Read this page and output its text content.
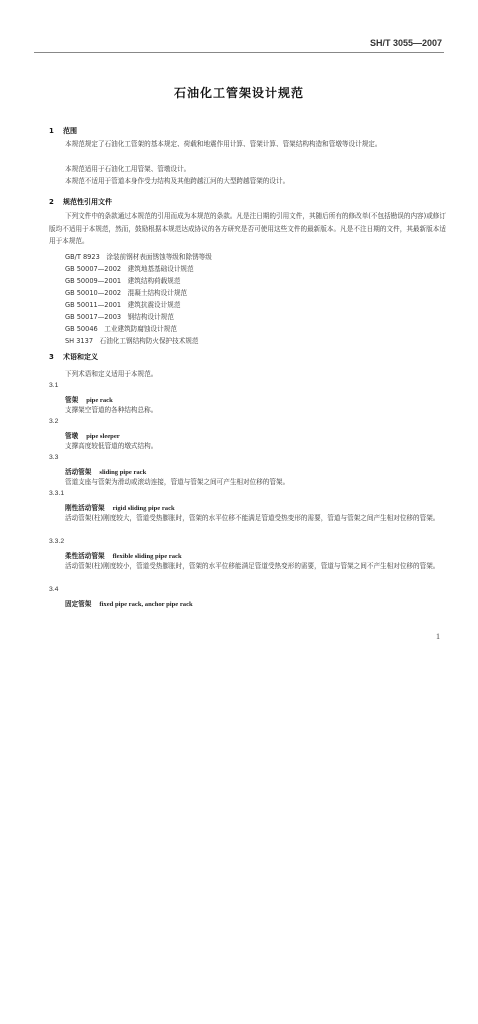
SH/T 3055—2007
石油化工管架设计规范
1 范围
本规范规定了石油化工管架的基本规定、荷载和地震作用计算、管架计算、管架结构构造和管墩等设计规定。
本规范适用于石油化工用管架、管墩设计。
本规范不适用于管道本身作受力结构及其他跨越江河的大型跨越管架的设计。
2 规范性引用文件
下列文件中的条款通过本规范的引用而成为本规范的条款。凡是注日期的引用文件，其随后所有的修改单(不包括勘误的内容)或修订版均不适用于本规范，然而，鼓励根据本规范达成协议的各方研究是否可使用这些文件的最新版本。凡是不注日期的文件，其最新版本适用于本规范。
GB/T 8923　涂装前钢材表面锈蚀等级和除锈等级
GB 50007—2002　建筑地基基础设计规范
GB 50009—2001　建筑结构荷载规范
GB 50010—2002　混凝土结构设计规范
GB 50011—2001　建筑抗震设计规范
GB 50017—2003　钢结构设计规范
GB 50046　工业建筑防腐蚀设计规范
SH 3137　石油化工钢结构防火保护技术规范
3 术语和定义
下列术语和定义适用于本规范。
3.1
管架 pipe rack
支撑架空管道的各种结构总称。
3.2
管墩 pipe sleeper
支撑高度较低管道的墩式结构。
3.3
活动管架 sliding pipe rack
管道支座与管架为滑动或滚动连接，管道与管架之间可产生相对位移的管架。
3.3.1
刚性活动管架 rigid sliding pipe rack
活动管架(柱)刚度较大，管道受热膨胀时，管架的水平位移不能满足管道受热变形的需要，管道与管架之间产生相对位移的管架。
3.3.2
柔性活动管架 flexible sliding pipe rack
活动管架(柱)刚度较小，管道受热膨胀时，管架的水平位移能满足管道受热变形的需要，管道与管架之间不产生相对位移的管架。
3.4
固定管架 fixed pipe rack, anchor pipe rack
1
